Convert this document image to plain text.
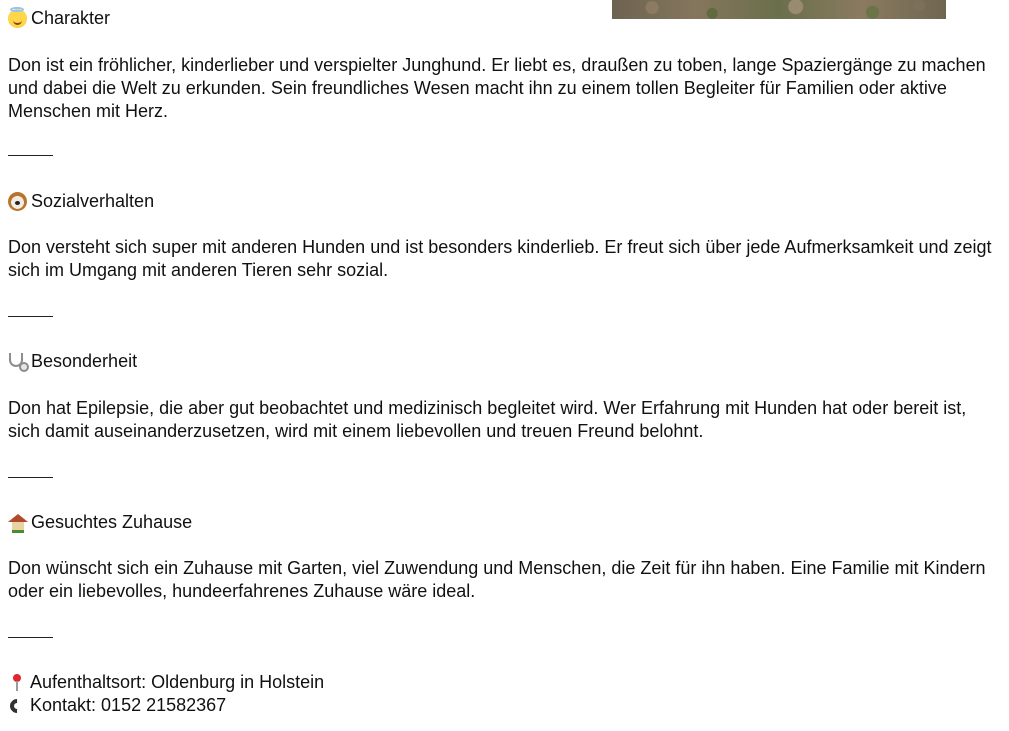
Charakter

Don ist ein fröhlicher, kinderlieber und verspielter Junghund. Er liebt es, draußen zu toben, lange Spaziergänge zu machen und dabei die Welt zu erkunden. Sein freundliches Wesen macht ihn zu einem tollen Begleiter für Familien oder aktive Menschen mit Herz.

Sozialverhalten

Don versteht sich super mit anderen Hunden und ist besonders kinderlieb. Er freut sich über jede Aufmerksamkeit und zeigt sich im Umgang mit anderen Tieren sehr sozial.

Besonderheit

Don hat Epilepsie, die aber gut beobachtet und medizinisch begleitet wird. Wer Erfahrung mit Hunden hat oder bereit ist, sich damit auseinanderzusetzen, wird mit einem liebevollen und treuen Freund belohnt.

Gesuchtes Zuhause

Don wünscht sich ein Zuhause mit Garten, viel Zuwendung und Menschen, die Zeit für ihn haben. Eine Familie mit Kindern oder ein liebevolles, hundeerfahrenes Zuhause wäre ideal.

Aufenthaltsort: Oldenburg in Holstein
Kontakt: 0152 21582367
